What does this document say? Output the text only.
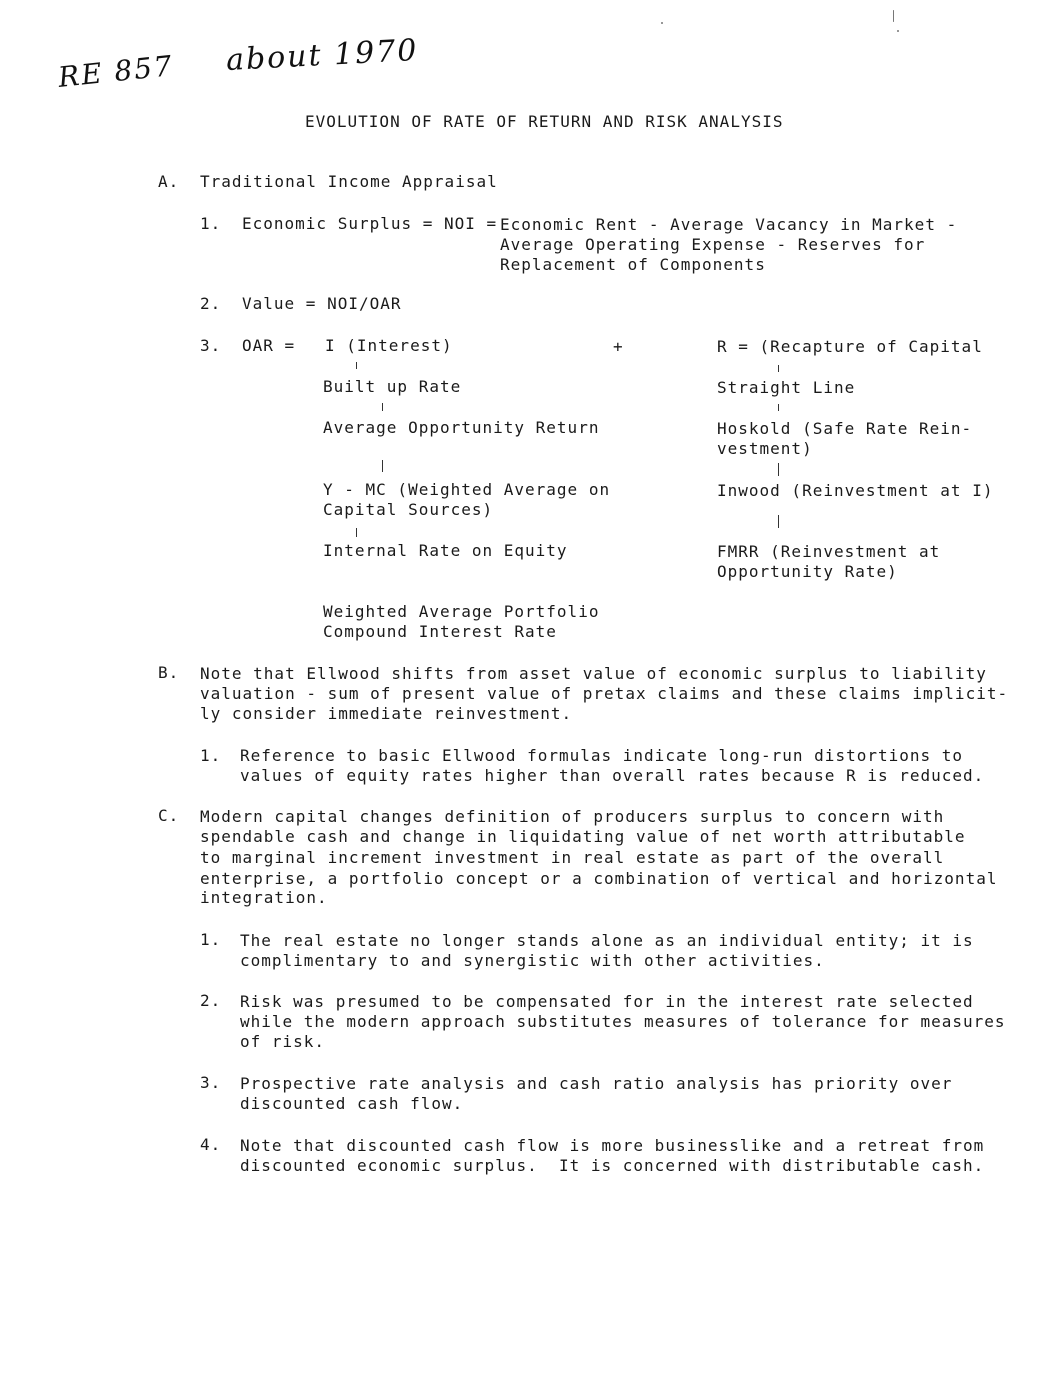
RE 857 about 1970
EVOLUTION OF RATE OF RETURN AND RISK ANALYSIS
A. Traditional Income Appraisal
1. Economic Surplus = NOI = Economic Rent - Average Vacancy in Market -
Average Operating Expense - Reserves for
Replacement of Components
2. Value = NOI/OAR
3. OAR =	+
I (Interest)
Built up Rate
Average Opportunity Return
Y - MC (Weighted Average on
Capital Sources)
Internal Rate on Equity
Weighted Average Portfolio
Compound Interest Rate
R = (Recapture of Capital
Straight Line
Hoskold (Safe Rate Rein-
vestment)
Inwood (Reinvestment at I)
FMRR (Reinvestment at
Opportunity Rate)
B. Note that Ellwood shifts from asset value of economic surplus to liability
valuation - sum of present value of pretax claims and these claims implicit-
ly consider immediate reinvestment.
1. Reference to basic Ellwood formulas indicate long-run distortions to
values of equity rates higher than overall rates because R is reduced.
C. Modern capital changes definition of producers surplus to concern with
spendable cash and change in liquidating value of net worth attributable
to marginal increment investment in real estate as part of the overall
enterprise, a portfolio concept or a combination of vertical and horizontal
integration.
1. The real estate no longer stands alone as an individual entity; it is
complimentary to and synergistic with other activities.
2. Risk was presumed to be compensated for in the interest rate selected
while the modern approach substitutes measures of tolerance for measures
of risk.
3. Prospective rate analysis and cash ratio analysis has priority over
discounted cash flow.
4. Note that discounted cash flow is more businesslike and a retreat from
discounted economic surplus.  It is concerned with distributable cash.
